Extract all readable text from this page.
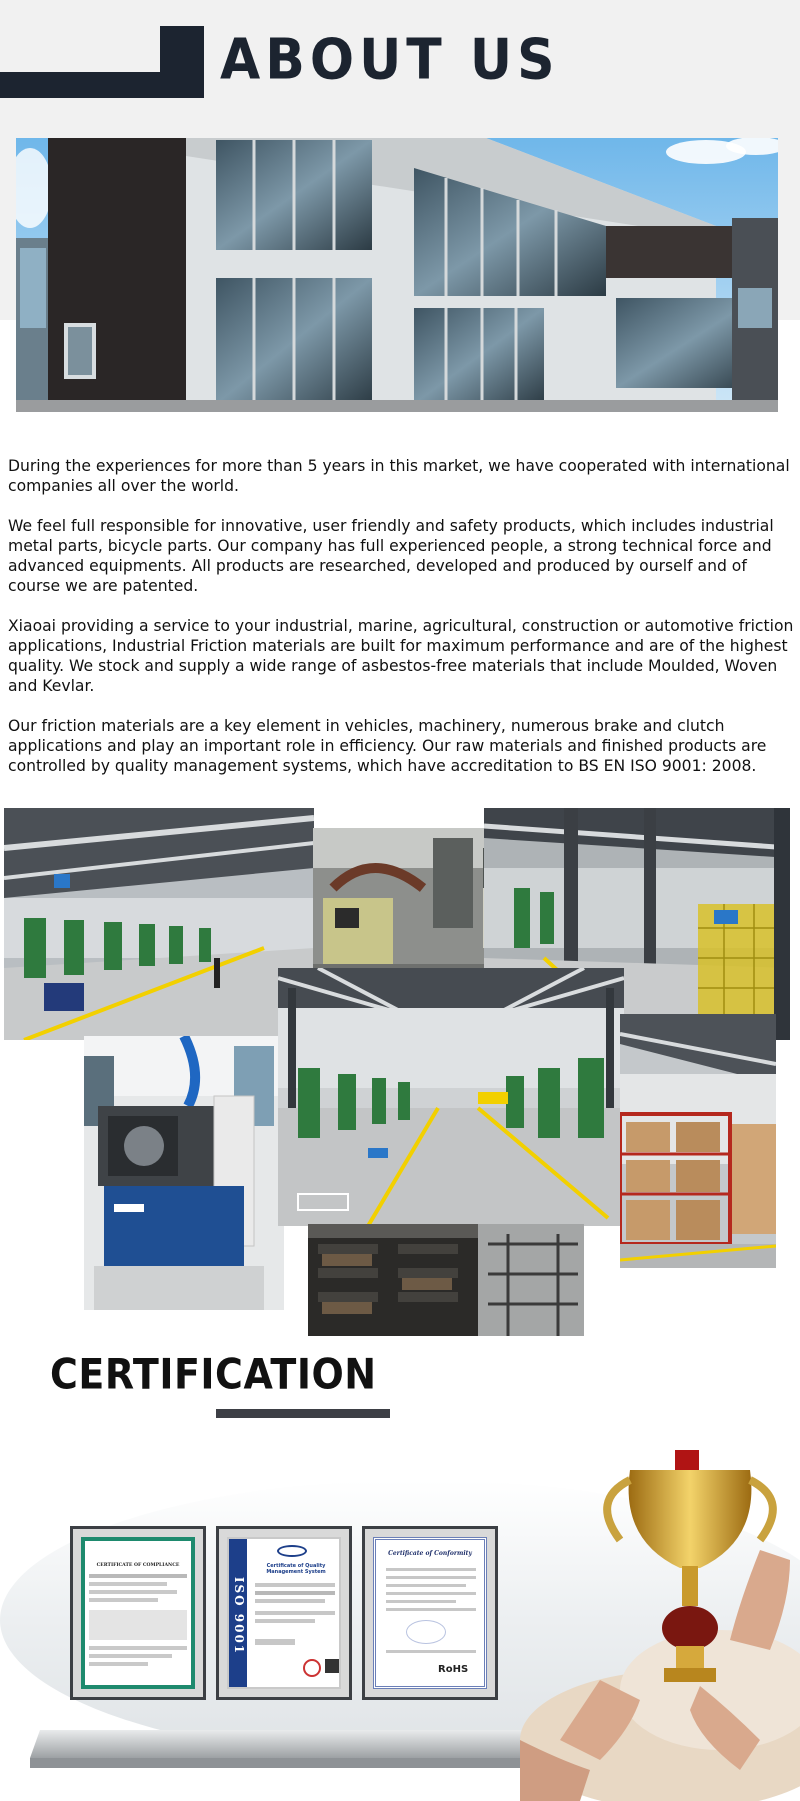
ABOUT US

During the experiences for more than 5 years in this market, we have cooperated with international companies all over the world.

We feel full responsible for innovative, user friendly and safety products, which includes industrial metal parts, bicycle parts. Our company has full experienced people, a strong technical force and advanced equipments. All products are researched, developed and produced by ourself and of course we are patented.

Xiaoai providing a service to your industrial, marine, agricultural, construction or automotive friction applications, Industrial Friction materials are built for maximum performance and are of the highest quality. We stock and supply a wide range of asbestos-free materials that include Moulded, Woven and Kevlar.

Our friction materials are a key element in vehicles, machinery, numerous brake and clutch applications and play an important role in efficiency. Our raw materials and finished products are controlled by quality management systems, which have accreditation to BS EN ISO 9001: 2008.

CERTIFICATION
CERTIFICATE OF COMPLIANCE
ISO 9001
Certificate of Quality Management System
Certificate of Conformity
RoHS
